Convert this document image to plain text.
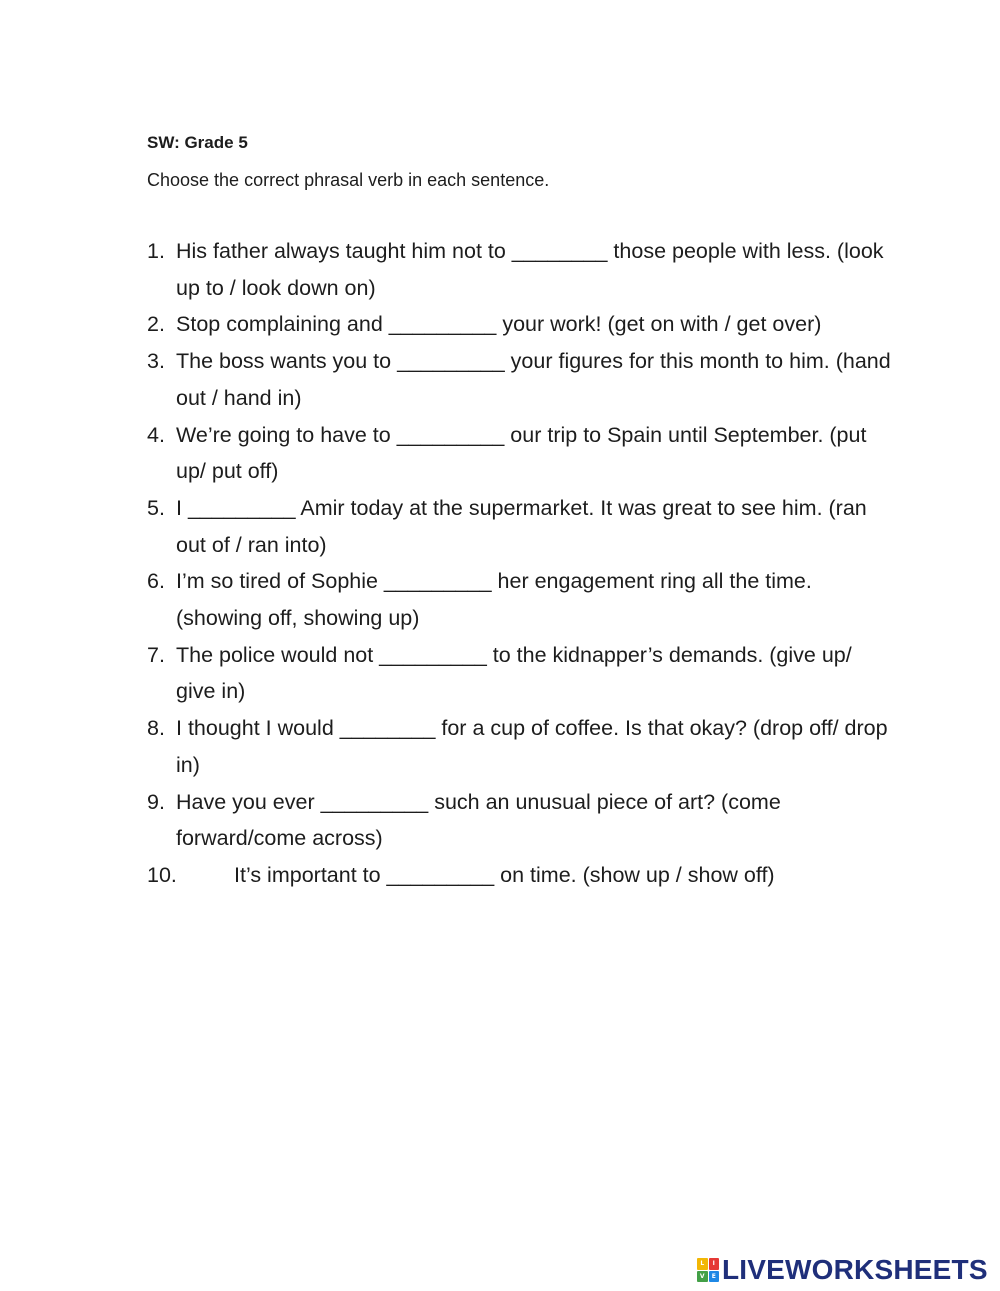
SW: Grade 5

Choose the correct phrasal verb in each sentence.

1. His father always taught him not to ________ those people with less. (look up to / look down on)
2. Stop complaining and _________ your work! (get on with / get over)
3. The boss wants you to _________ your figures for this month to him. (hand out / hand in)
4. We’re going to have to _________ our trip to Spain until September. (put up/ put off)
5. I _________ Amir today at the supermarket. It was great to see him. (ran out of / ran into)
6. I’m so tired of Sophie _________ her engagement ring all the time. (showing off, showing up)
7. The police would not _________ to the kidnapper’s demands. (give up/ give in)
8. I thought I would ________ for a cup of coffee. Is that okay? (drop off/ drop in)
9. Have you ever _________ such an unusual piece of art? (come forward/come across)
10.	It’s important to _________ on time. (show up / show off)
L	I
V	E LIVEWORKSHEETS
